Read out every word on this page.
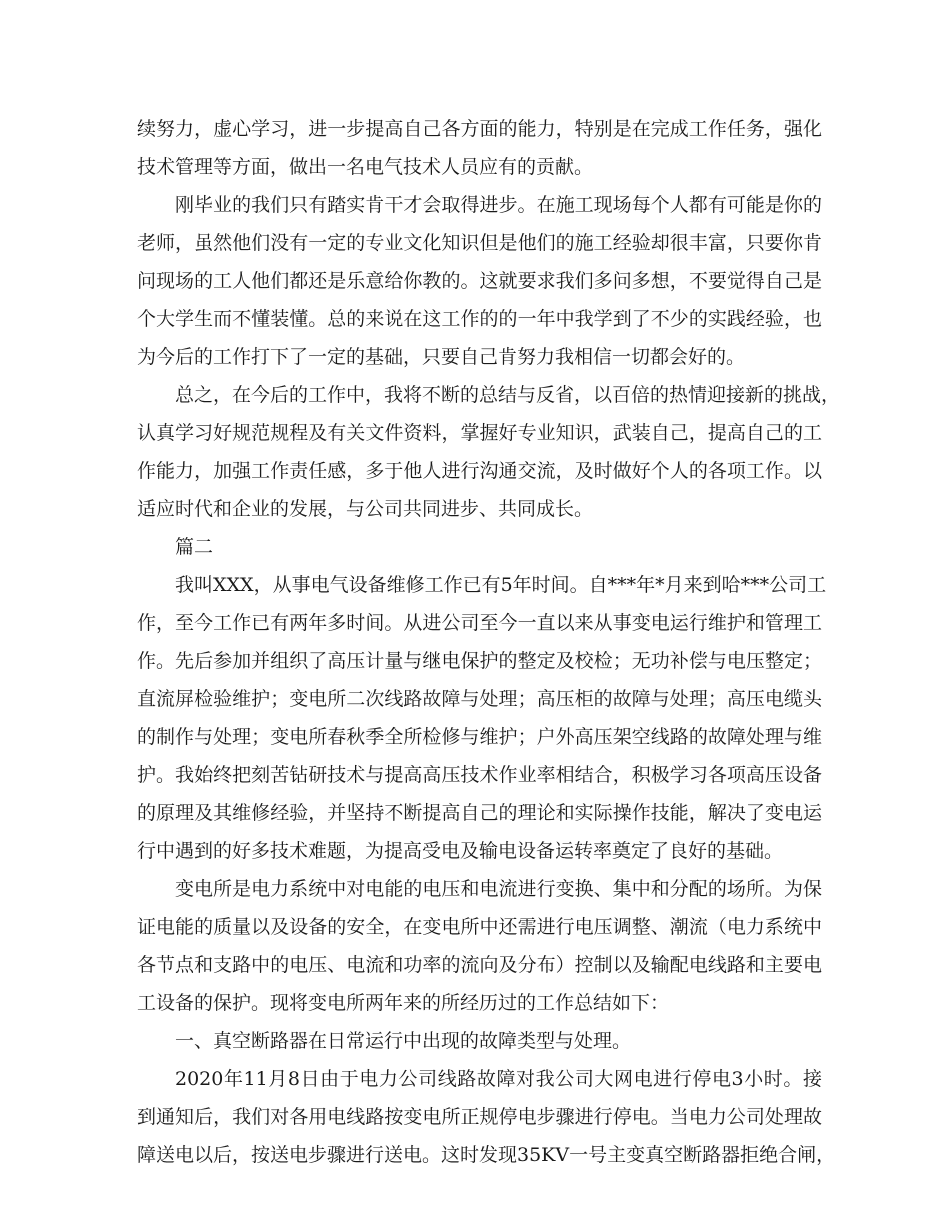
续努力，虚心学习，进一步提高自己各方面的能力，特别是在完成工作任务，强化
技术管理等方面，做出一名电气技术人员应有的贡献。
刚毕业的我们只有踏实肯干才会取得进步。在施工现场每个人都有可能是你的
老师，虽然他们没有一定的专业文化知识但是他们的施工经验却很丰富，只要你肯
问现场的工人他们都还是乐意给你教的。这就要求我们多问多想，不要觉得自己是
个大学生而不懂装懂。总的来说在这工作的的一年中我学到了不少的实践经验，也
为今后的工作打下了一定的基础，只要自己肯努力我相信一切都会好的。
总之，在今后的工作中，我将不断的总结与反省，以百倍的热情迎接新的挑战，
认真学习好规范规程及有关文件资料，掌握好专业知识，武装自己，提高自己的工
作能力，加强工作责任感，多于他人进行沟通交流，及时做好个人的各项工作。以
适应时代和企业的发展，与公司共同进步、共同成长。
篇二
我叫XXX，从事电气设备维修工作已有5年时间。自***年*月来到哈***公司工
作，至今工作已有两年多时间。从进公司至今一直以来从事变电运行维护和管理工
作。先后参加并组织了高压计量与继电保护的整定及校检；无功补偿与电压整定；
直流屏检验维护；变电所二次线路故障与处理；高压柜的故障与处理；高压电缆头
的制作与处理；变电所春秋季全所检修与维护；户外高压架空线路的故障处理与维
护。我始终把刻苦钻研技术与提高高压技术作业率相结合，积极学习各项高压设备
的原理及其维修经验，并坚持不断提高自己的理论和实际操作技能，解决了变电运
行中遇到的好多技术难题，为提高受电及输电设备运转率奠定了良好的基础。
变电所是电力系统中对电能的电压和电流进行变换、集中和分配的场所。为保
证电能的质量以及设备的安全，在变电所中还需进行电压调整、潮流（电力系统中
各节点和支路中的电压、电流和功率的流向及分布）控制以及输配电线路和主要电
工设备的保护。现将变电所两年来的所经历过的工作总结如下：
一、真空断路器在日常运行中出现的故障类型与处理。
2020年11月8日由于电力公司线路故障对我公司大网电进行停电3小时。接
到通知后，我们对各用电线路按变电所正规停电步骤进行停电。当电力公司处理故
障送电以后，按送电步骤进行送电。这时发现35KV一号主变真空断路器拒绝合闸，
